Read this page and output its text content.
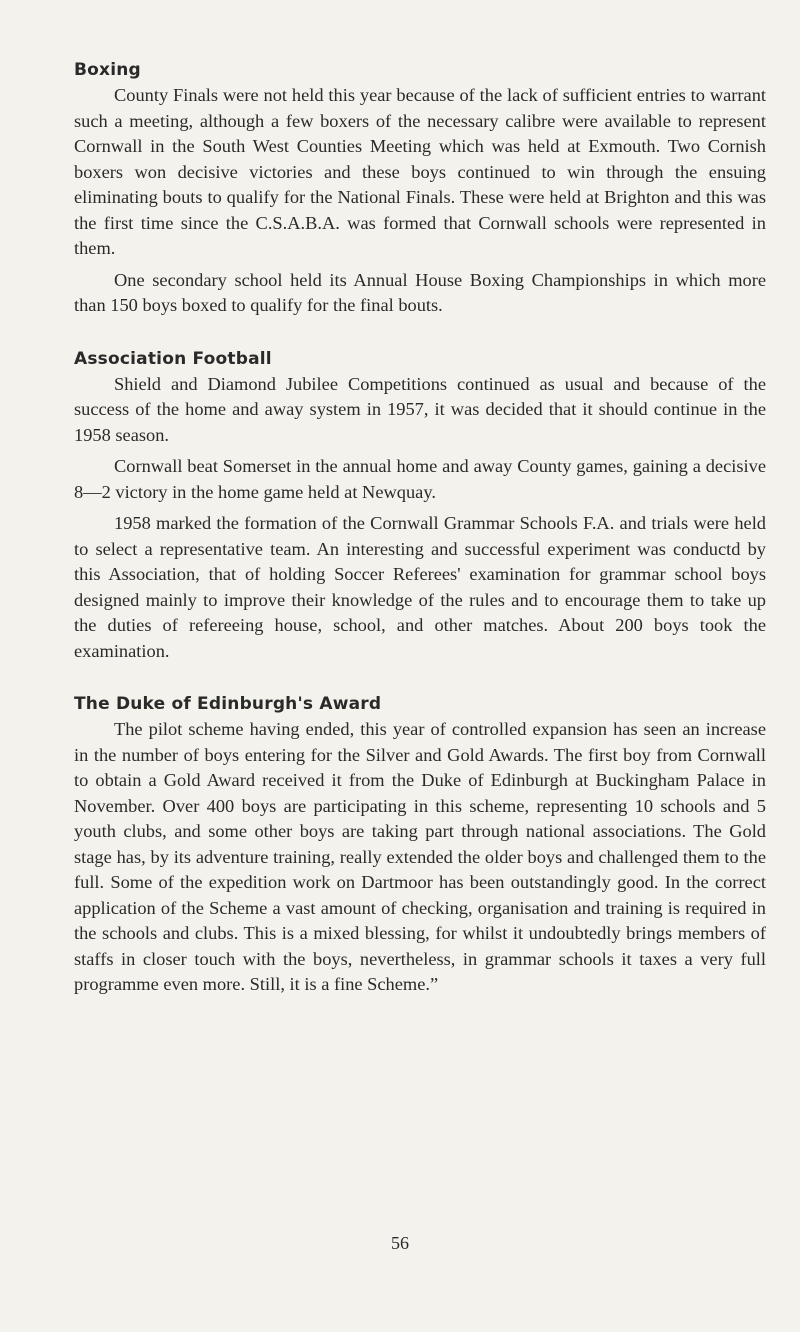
Boxing

County Finals were not held this year because of the lack of sufficient entries to warrant such a meeting, although a few boxers of the necessary calibre were available to represent Cornwall in the South West Counties Meeting which was held at Exmouth. Two Cornish boxers won decisive victories and these boys continued to win through the ensuing eliminating bouts to qualify for the National Finals. These were held at Brighton and this was the first time since the C.S.A.B.A. was formed that Cornwall schools were represented in them.

One secondary school held its Annual House Boxing Championships in which more than 150 boys boxed to qualify for the final bouts.

Association Football

Shield and Diamond Jubilee Competitions continued as usual and because of the success of the home and away system in 1957, it was decided that it should continue in the 1958 season.

Cornwall beat Somerset in the annual home and away County games, gaining a decisive 8—2 victory in the home game held at Newquay.

1958 marked the formation of the Cornwall Grammar Schools F.A. and trials were held to select a representative team. An interesting and successful experiment was conductd by this Association, that of holding Soccer Referees' examination for grammar school boys designed mainly to improve their knowledge of the rules and to encourage them to take up the duties of refereeing house, school, and other matches. About 200 boys took the examination.

The Duke of Edinburgh's Award

The pilot scheme having ended, this year of controlled expansion has seen an increase in the number of boys entering for the Silver and Gold Awards. The first boy from Cornwall to obtain a Gold Award received it from the Duke of Edinburgh at Buckingham Palace in November. Over 400 boys are participating in this scheme, representing 10 schools and 5 youth clubs, and some other boys are taking part through national associations. The Gold stage has, by its adventure training, really extended the older boys and challenged them to the full. Some of the expedition work on Dartmoor has been outstandingly good. In the correct application of the Scheme a vast amount of checking, organisation and training is required in the schools and clubs. This is a mixed blessing, for whilst it undoubtedly brings members of staffs in closer touch with the boys, nevertheless, in grammar schools it taxes a very full programme even more. Still, it is a fine Scheme.”

56
